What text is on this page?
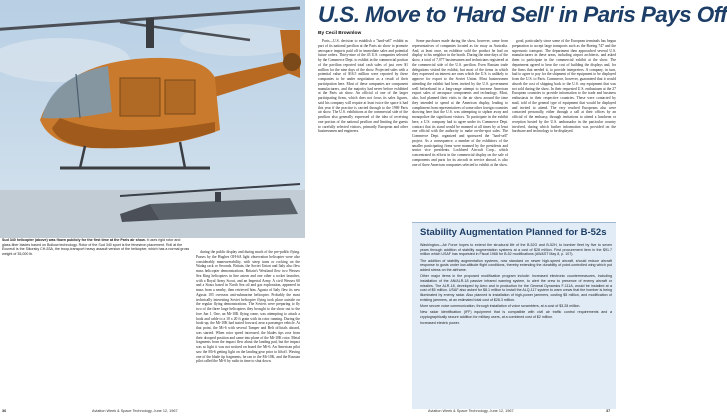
Sud 340 helicopter (above) was flown publicly for the first time at the Paris air show. It uses rigid rotor and glass-fiber blades based on Bolkow technology. Rotor of the Sud 340 sport is the fenestron placement. Roll at the Ecureuil is the Sikorsky CH-53A, the troop-transport heavy assault version of the helicopter, which has a normal gross weight of 35,000 lb.	during the public display and during much of the pre-public flying. Passes by the Hughes OH-6A light observation helicopter were also considerably maneuverability, with steep turns or rocking on the Wadag rack or Seconds. Britain, the Soviet Union and Italy also flew mass helicopter demonstrations. Britain's Westland flew two Wessex Sea King helicopters in line astern and one other a rocket launcher, with a Royal Army Scout, and an Imperial Army. A civil Wessex 60 and a Sioux based in North Sea oil and gas exploration, appeared in mass from a nearby, then retrieved him. Agusta of Italy flew its new Agusta 105 overseas anti-submarine helicopter. Probably the most technically interesting Soviet helicopter flying took place outside on the regular flying demonstrations. The Soviets were preparing to fly two of the three large helicopters they brought to the show out to the fore Jun 1. One, an Mi-10K flying crane, was attempting to attach a hook and cable to a 10 x 20 ft grain with its rotor running. During the hook-up, the Mi-10K had taxied forward, near a passenger vehicle. At that point, the Mi-6 with several Tamper and Belt officials aboard, was started. When rotor speed increased, the blades tips rose from their drooped position and came into plane of the Mi-10K rotor. Metal fragments from the impact flew about the landing pad, but the impact was so light it was not noticed on board the Mi-6. An American pilot saw the Mi-6 getting light on the landing gear prior to liftoff. Waving one of the blade tip fragments, he ran to the Mi-10K, and the Russian pilot called the Mi-6 by radio in time to shut down.

U.S. Move to 'Hard Sell' in Paris Pays Off
By Cecil Brownlow

Paris—U.S. decision to establish a "hard-sell" exhibit as part of its national pavilion at the Paris air show to promote aerospace imports paid off in immediate sales and potential future orders. Thirty-nine of the 43 U.S. companies selected by the Commerce Dept. to exhibit in the commercial portion of the pavilion reported total cash sales of just over $1 million for the nine days of the show. Projected sales with a potential value of $16.5 million were reported by these companies to be under negotiation as a result of their participation here. Most of these companies are component manufacturers, and the majority had never before exhibited at the Paris air show. An official of one of the larger participating firms, which does not focus its sales figures, said his company will require at least twice the space it had this year if the practice is carried through to the 1969 Paris air show. The U.S. exhibitions at the commercial side of the pavilion also generally expressed of the idea of receiving one portion of the national pavilion and limiting the guests to carefully selected visitors, primarily European and other businessmen and engineers.

Some purchases made during the show, however, came from representatives of companies located as far away as Australia. And, at least once, an exhibitor sold the product he had on display to his neighbor in the booth. During the nine days of the show, a total of 7,077 businessmen and technicians registered at the commercial side of the U.S. pavilion. Even Russian trade delegations visited the exhibit, but most of the items in which they expressed an interest are ones which the U.S. is unlikely to approve for export to the Soviet Union. Most businessmen attending the exhibit had been invited by the U.S. government well beforehand in a long-range attempt to increase American export sales of aerospace components and technology. Most, also, had planned their visits to the air show around the time they intended to spend at the American display, leading to compliment from representatives of some other foreign countries showing here that the U.S. was attempting to siphon away and monopolize the significant visitors. To participate in the exhibit here, a U.S. company had to agree under its Commerce Dept. contract that its stand would be manned at all times by at least one official with the authority to make on-the-spot sales. The Commerce Dept. organized and sponsored the "hard-sell" project. As a consequence, a number of the exhibitors of the smaller participating firms were manned by the presidents and senior vice presidents. Lockheed Aircraft Corp., which concentrated its efforts in the commercial display on the sale of components and parts for its aircraft in service abroad, is also one of three American companies selected to exhibit at the show.

good, particularly since some of the European terminals has begun preparation to accept large transports such as the Boeing 747 and the supersonic transport. The department then approached several U.S. manufacturers in these areas, including airport architects, and asked them to participate in the commercial exhibit at the show. The department agreed to bear the cost of building the displays and, for the firms that needed it, to provide interpreters. A company, in turn, had to agree to pay for the shipment of the equipment to be displayed from the U.S. to Paris. Commerce, however, guaranteed that it would absorb the cost of shipping back to the U.S. any equipment that was not sold during the show. In their requested U.S. enthusiasm at the 27 European countries to provide information to the trade and business enthusiasts in their respective countries. These were contacted by mail, told of the general type of equipment that would be displayed and invited to attend. The very reached Europeans also were contacted personally, either through a call at their offices by an official of the embassy, through invitations to attend a luncheon or reception hosted by the U.S. ambassador in the particular country involved, during which further information was provided on the hardware and technology to be displayed.

Stability Augmentation Planned for B-52s

Washington—Air Force hopes to extend the structural life of the B-52G and B-52H, to bomber fleet by five to seven years through addition of stability augmentation systems at a cost of $28 million. First procurement item in the $91.7 million which USAF has requested in Fiscal 1968 for B-52 modifications (AW&ST May 8, p. 107).

The addition of stability augmentation systems, now standard on newer high-speed aircraft, should reduce aircraft response to gusts under low-altitude flight conditions, thereby extending the durability of point-controlled wing which put added stress on the airframe.

Other major items in the proposed modification program include: Increased electronic countermeasures, including installation of the AN/ALR-18 passive infrared warning system, to alert the crew to presence of enemy aircraft or missiles. The ALR-18, developed by Aero and in production for the General Dynamics F-111A, would be installed at a cost of $5 million. USAF also asked for $8.1 million to install the ALQ-117 system to warn crews that the bomber is being illuminated by enemy radar. Also planned is installation of high-power jammers, costing $5 million, and modification of existing jammers, at an estimated total cost of $28.3 million.

More secure voice communication, through installation of voice scramblers, at a cost of $3.28 million.

New radar identification (IFF) equipment that is compatible with civil air traffic control requirements and a cryptographically secure addition for military users, at a combined cost of $2 million.

Increased electric power.

36	Aviation Week & Space Technology, June 12, 1967	Aviation Week & Space Technology, June 12, 1967	37
